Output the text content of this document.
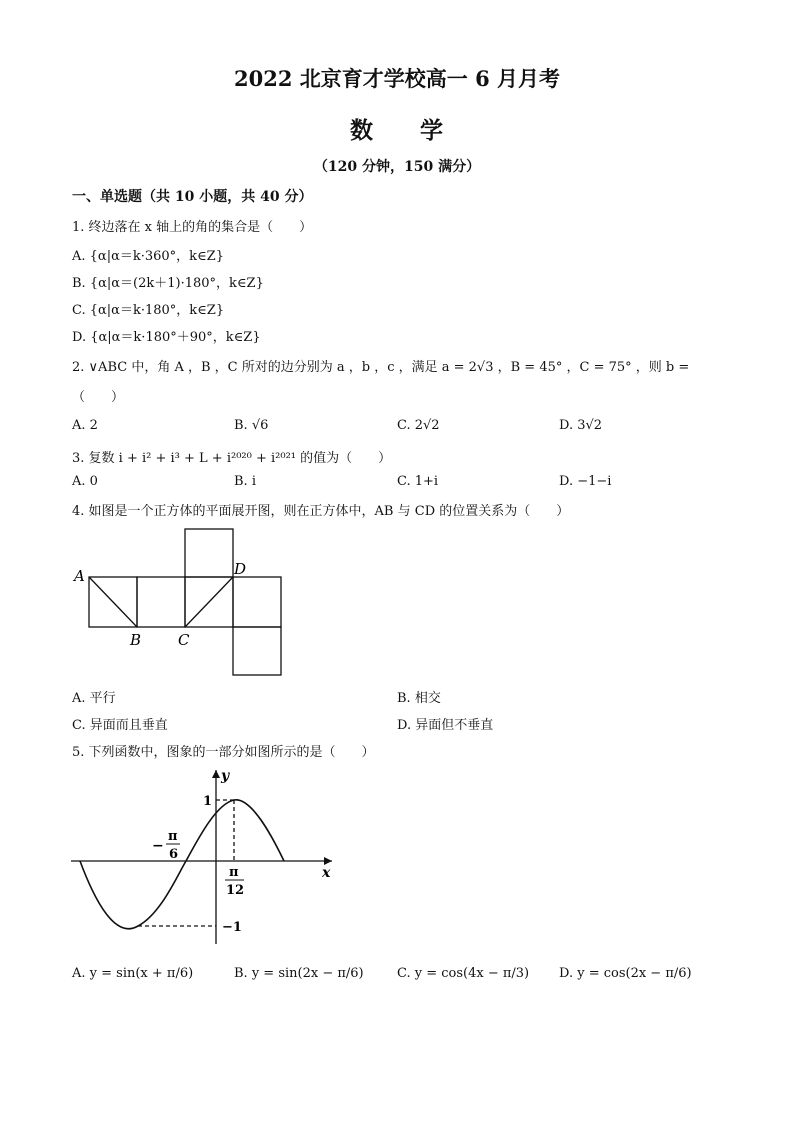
2022 北京育才学校高一 6 月月考
数 学
（120 分钟，150 满分）
一、单选题（共 10 小题，共 40 分）
1. 终边落在 x 轴上的角的集合是（　　）
A. {α|α＝k·360°，k∈Z}
B. {α|α＝(2k＋1)·180°，k∈Z}
C. {α|α＝k·180°，k∈Z}
D. {α|α＝k·180°＋90°，k∈Z}
2. ∨ABC 中，角 A ，B ，C 所对的边分别为 a ，b ，c ，满足 a = 2√3 ，B = 45° ，C = 75° ，则 b =
（　　）
A. 2	B. √6	C. 2√2	D. 3√2
3. 复数 i + i² + i³ + L + i²⁰²⁰ + i²⁰²¹ 的值为（　　）
A. 0	B. i	C. 1+i	D. −1−i
4. 如图是一个正方体的平面展开图，则在正方体中，AB 与 CD 的位置关系为（　　）
A
B C
D
A. 平行	B. 相交
C. 异面而且垂直	D. 异面但不垂直
5. 下列函数中，图象的一部分如图所示的是（　　）
y
x
1
−1
−
π
6
π
12
A. y = sin(x + π/6)	B. y = sin(2x − π/6)	C. y = cos(4x − π/3) D. y = cos(2x − π/6)
